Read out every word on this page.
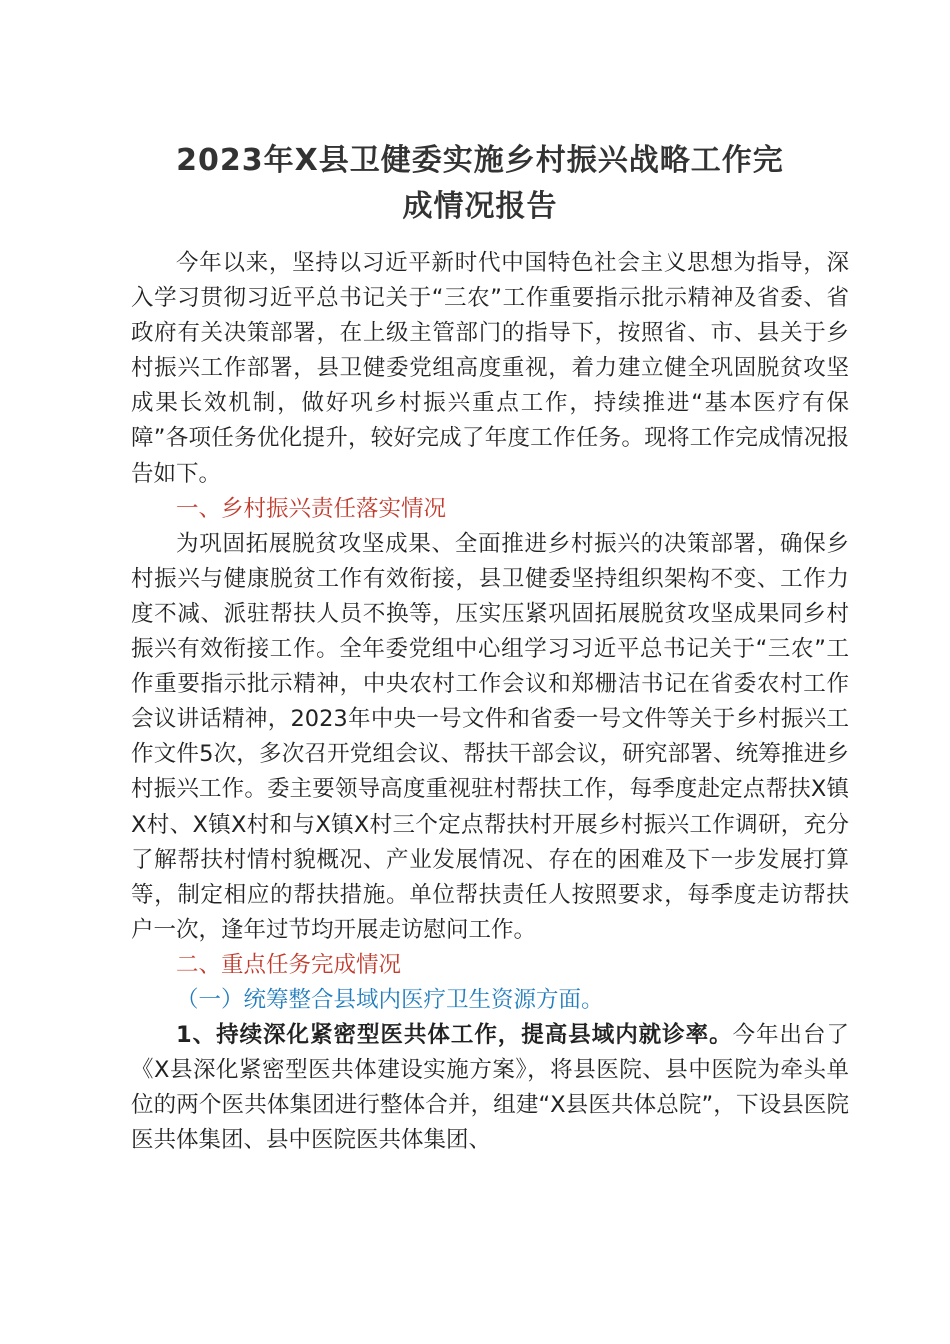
2023年X县卫健委实施乡村振兴战略工作完
成情况报告

今年以来，坚持以习近平新时代中国特色社会主义思想为指导，深入学习贯彻习近平总书记关于“三农”工作重要指示批示精神及省委、省政府有关决策部署，在上级主管部门的指导下，按照省、市、县关于乡村振兴工作部署，县卫健委党组高度重视，着力建立健全巩固脱贫攻坚成果长效机制，做好巩乡村振兴重点工作，持续推进“基本医疗有保障”各项任务优化提升，较好完成了年度工作任务。现将工作完成情况报告如下。

一、乡村振兴责任落实情况

为巩固拓展脱贫攻坚成果、全面推进乡村振兴的决策部署，确保乡村振兴与健康脱贫工作有效衔接，县卫健委坚持组织架构不变、工作力度不减、派驻帮扶人员不换等，压实压紧巩固拓展脱贫攻坚成果同乡村振兴有效衔接工作。全年委党组中心组学习习近平总书记关于“三农”工作重要指示批示精神，中央农村工作会议和郑栅洁书记在省委农村工作会议讲话精神，2023年中央一号文件和省委一号文件等关于乡村振兴工作文件5次，多次召开党组会议、帮扶干部会议，研究部署、统筹推进乡村振兴工作。委主要领导高度重视驻村帮扶工作，每季度赴定点帮扶X镇X村、X镇X村和与X镇X村三个定点帮扶村开展乡村振兴工作调研，充分了解帮扶村情村貌概况、产业发展情况、存在的困难及下一步发展打算等，制定相应的帮扶措施。单位帮扶责任人按照要求，每季度走访帮扶户一次，逢年过节均开展走访慰问工作。

二、重点任务完成情况

（一）统筹整合县域内医疗卫生资源方面。

1、持续深化紧密型医共体工作，提高县域内就诊率。今年出台了《X县深化紧密型医共体建设实施方案》，将县医院、县中医院为牵头单位的两个医共体集团进行整体合并，组建“X县医共体总院”，下设县医院医共体集团、县中医院医共体集团、
